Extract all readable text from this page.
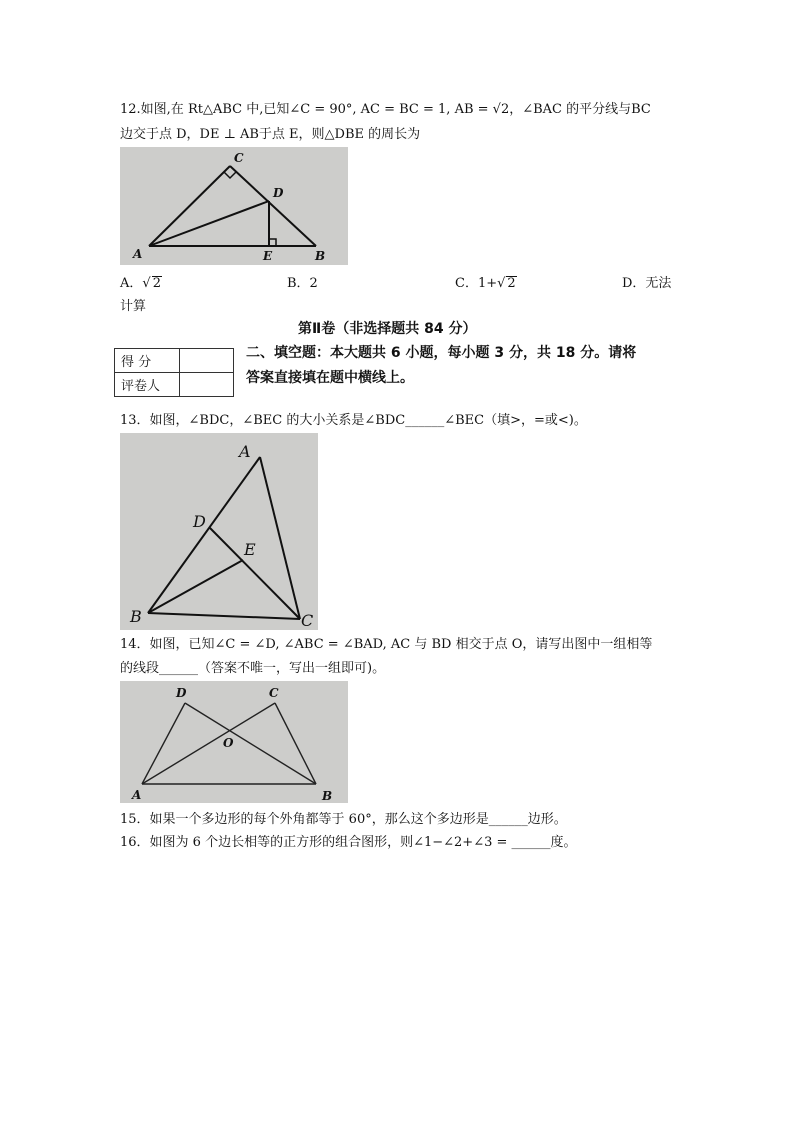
12.如图,在 Rt△ABC 中,已知∠C = 90°, AC = BC = 1, AB = √2，∠BAC 的平分线与BC
边交于点 D，DE ⊥ AB于点 E，则△DBE 的周长为
C
D
A	E	B
A．√ 2	B．2	C．1+√ 2	D．无法
计算
第Ⅱ卷（非选择题共 84 分）
得 分	
评卷人	
二、填空题：本大题共 6 小题，每小题 3 分，共 18 分。请将
答案直接填在题中横线上。
13．如图，∠BDC，∠BEC 的大小关系是∠BDC______∠BEC（填>，=或<)。
A
D
E
B	C
14．如图，已知∠C = ∠D, ∠ABC = ∠BAD, AC 与 BD 相交于点 O，请写出图中一组相等
的线段______（答案不唯一，写出一组即可)。
D	C
O
A	B
15．如果一个多边形的每个外角都等于 60°，那么这个多边形是______边形。
16．如图为 6 个边长相等的正方形的组合图形，则∠1−∠2+∠3 = ______度。
